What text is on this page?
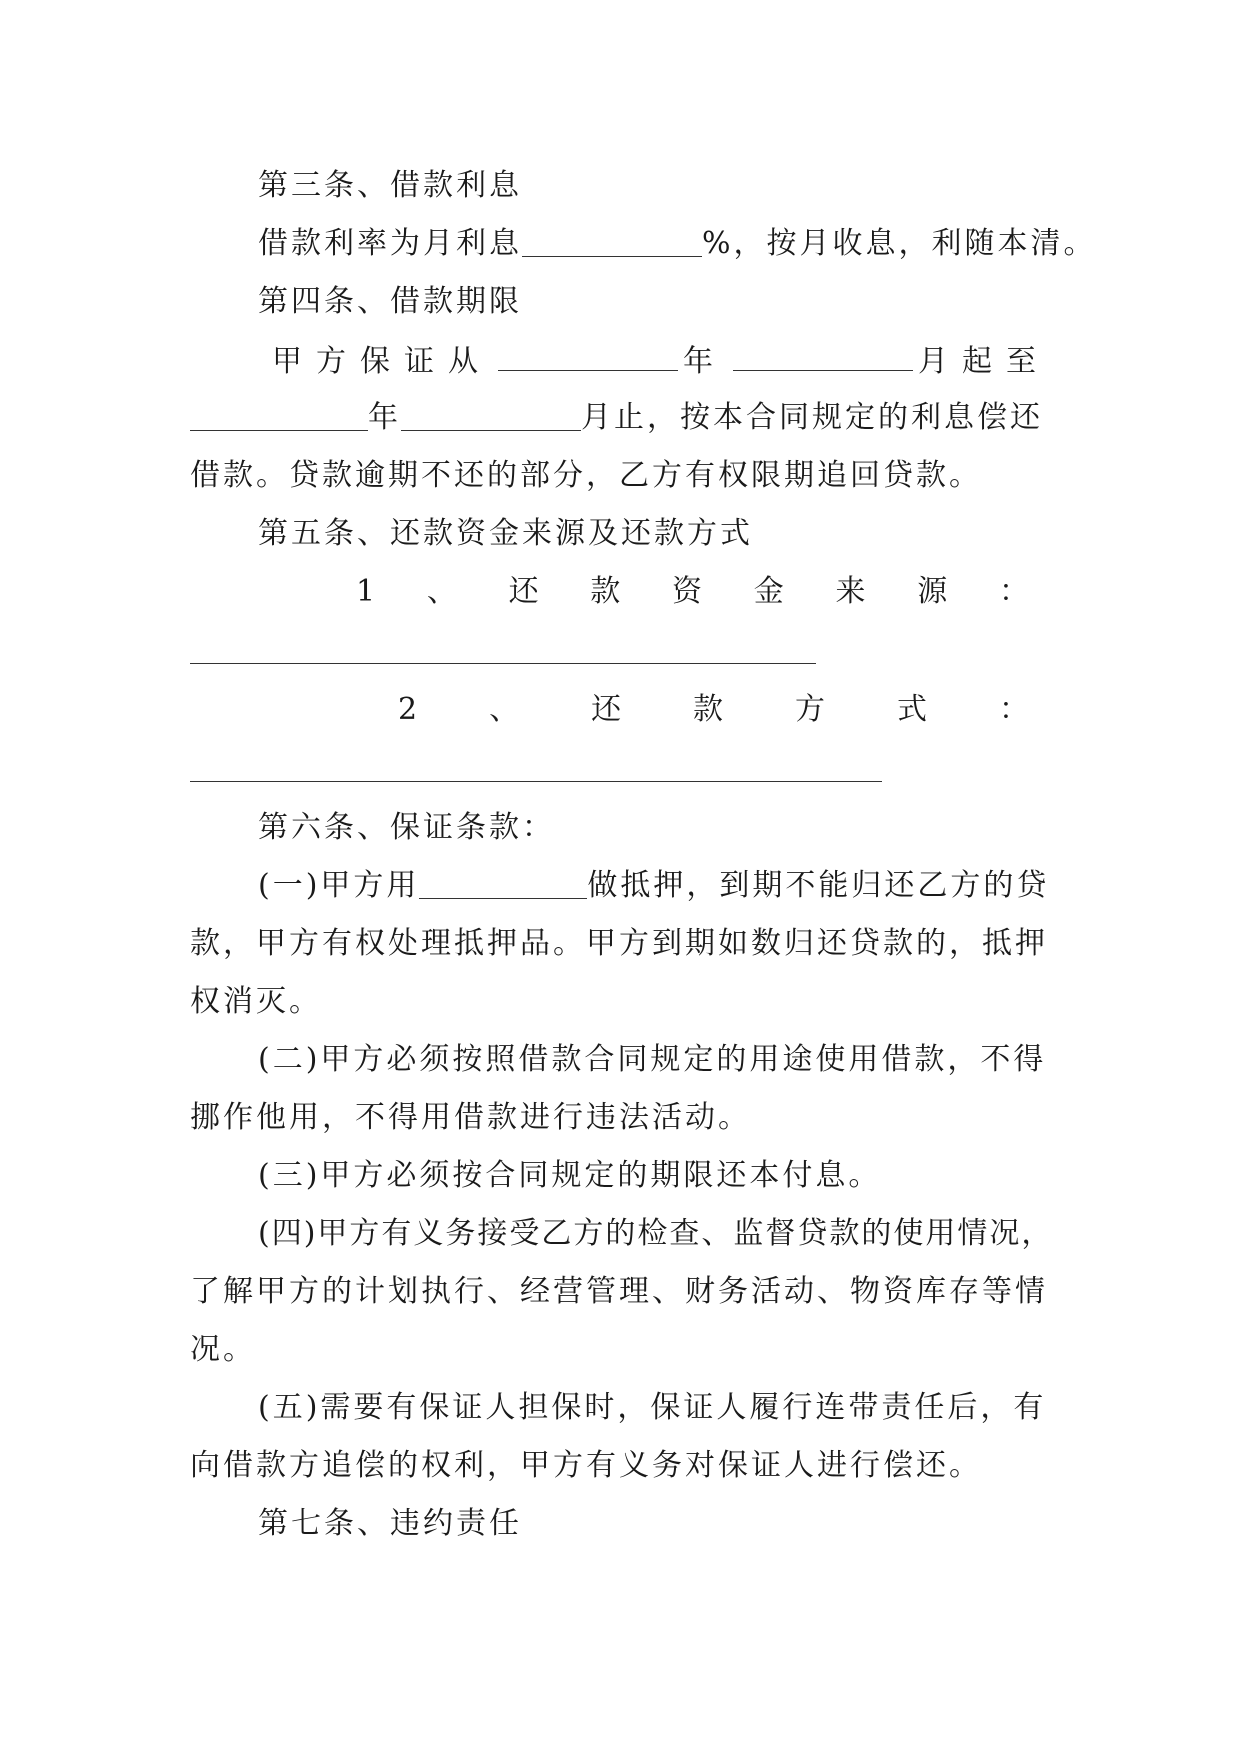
第三条、借款利息
借款利率为月利息	%，按月收息，利随本清。
第四条、借款期限
甲方保证从	年	月起至
年	月止，按本合同规定的利息偿还
借款。贷款逾期不还的部分，乙方有权限期追回贷款。
第五条、还款资金来源及还款方式
1 、 还 款 资 金 来 源 ：
2 、 还 款 方 式 ：
第六条、保证条款：
(一)甲方用	做抵押，到期不能归还乙方的贷
款，甲方有权处理抵押品。甲方到期如数归还贷款的，抵押
权消灭。
(二)甲方必须按照借款合同规定的用途使用借款，不得
挪作他用，不得用借款进行违法活动。
(三)甲方必须按合同规定的期限还本付息。
(四)甲方有义务接受乙方的检查、监督贷款的使用情况，
了解甲方的计划执行、经营管理、财务活动、物资库存等情
况。
(五)需要有保证人担保时，保证人履行连带责任后，有
向借款方追偿的权利，甲方有义务对保证人进行偿还。
第七条、违约责任
